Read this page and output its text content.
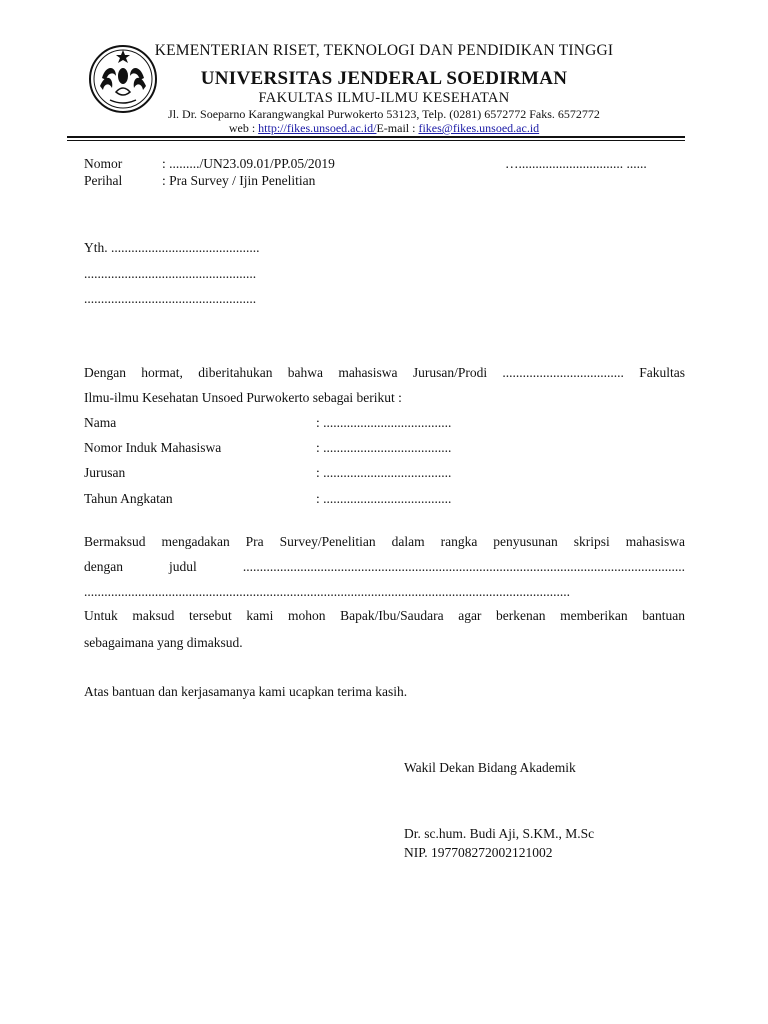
KEMENTERIAN RISET, TEKNOLOGI DAN PENDIDIKAN TINGGI
UNIVERSITAS JENDERAL SOEDIRMAN
FAKULTAS ILMU-ILMU KESEHATAN
Jl. Dr. Soeparno Karangwangkal Purwokerto 53123, Telp. (0281) 6572772 Faks. 6572772
web : http://fikes.unsoed.ac.id/E-mail : fikes@fikes.unsoed.ac.id
Nomor	: ........./UN23.09.01/PP.05/2019	…............................... ......
Perihal	: Pra Survey / Ijin Penelitian
Yth. ............................................
...................................................
...................................................
Dengan hormat, diberitahukan bahwa mahasiswa Jurusan/Prodi .................................... Fakultas
Ilmu-ilmu Kesehatan Unsoed Purwokerto sebagai berikut :
Nama	: ......................................
Nomor Induk Mahasiswa	: ......................................
Jurusan	: ......................................
Tahun Angkatan	: ......................................
Bermaksud mengadakan Pra Survey/Penelitian dalam rangka penyusunan skripsi mahasiswa
dengan judul ...................................................................................................................................
................................................................................................................................................
Untuk maksud tersebut kami mohon Bapak/Ibu/Saudara agar berkenan memberikan bantuan
sebagaimana yang dimaksud.
Atas bantuan dan kerjasamanya kami ucapkan terima kasih.
Wakil Dekan Bidang Akademik
Dr. sc.hum. Budi Aji, S.KM., M.Sc
NIP. 197708272002121002
